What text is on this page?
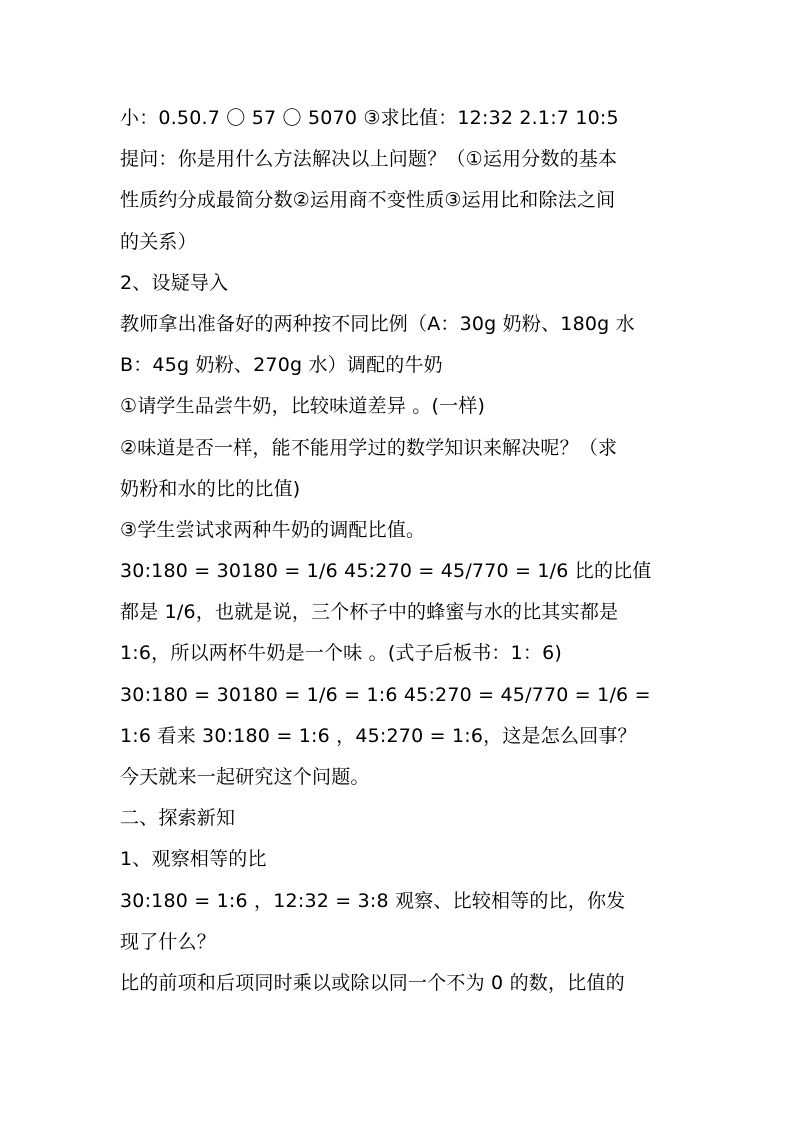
小：0.50.7 〇 57 〇 5070 ③求比值：12:32 2.1:7 10:5
提问：你是用什么方法解决以上问题？（①运用分数的基本
性质约分成最简分数②运用商不变性质③运用比和除法之间
的关系）
2、设疑导入
教师拿出准备好的两种按不同比例（A：30g 奶粉、180g 水
B：45g 奶粉、270g 水）调配的牛奶
①请学生品尝牛奶，比较味道差异 。(一样)
②味道是否一样，能不能用学过的数学知识来解决呢？（求
奶粉和水的比的比值)
③学生尝试求两种牛奶的调配比值。
30:180 = 30180 = 1/6 45:270 = 45/770 = 1/6 比的比值
都是 1/6，也就是说，三个杯子中的蜂蜜与水的比其实都是
1:6，所以两杯牛奶是一个味 。(式子后板书：1：6)
30:180 = 30180 = 1/6 = 1:6 45:270 = 45/770 = 1/6 =
1:6 看来 30:180 = 1:6 ，45:270 = 1:6，这是怎么回事？
今天就来一起研究这个问题。
二、探索新知
1、观察相等的比
30:180 = 1:6 ，12:32 = 3:8 观察、比较相等的比，你发
现了什么？
比的前项和后项同时乘以或除以同一个不为 0 的数，比值的
